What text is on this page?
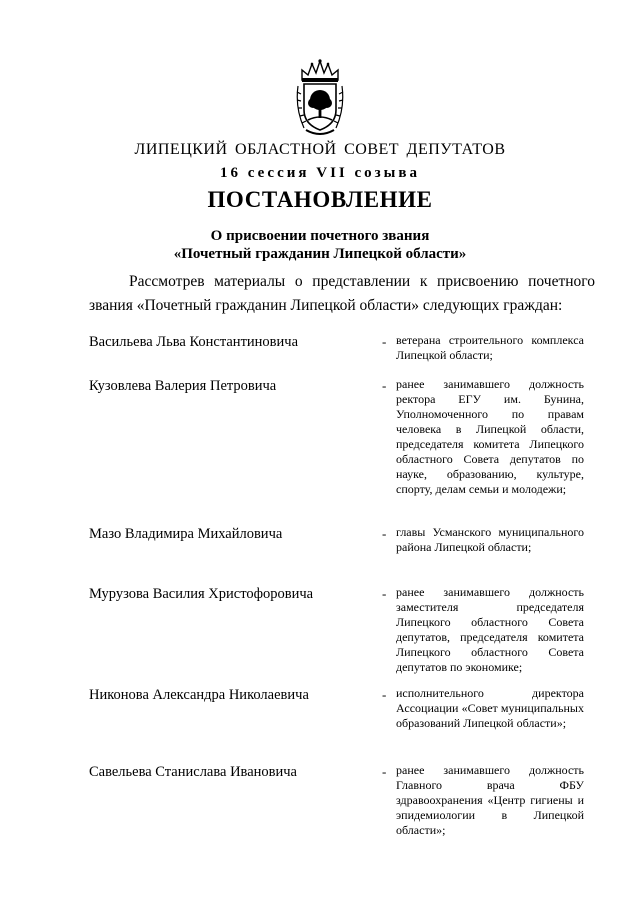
ЛИПЕЦКИЙ ОБЛАСТНОЙ СОВЕТ ДЕПУТАТОВ
16 сессия VII созыва
ПОСТАНОВЛЕНИЕ
О присвоении почетного звания
«Почетный гражданин Липецкой области»
Рассмотрев материалы о представлении к присвоению почетного
звания «Почетный гражданин Липецкой области» следующих граждан:
Васильева Льва Константиновича	- ветерана строительного комплекса Липецкой области;
Кузовлева Валерия Петровича	- ранее занимавшего должность ректора ЕГУ им. Бунина, Уполномоченного по правам человека в Липецкой области, председателя комитета Липецкого областного Совета депутатов по науке, образованию, культуре, спорту, делам семьи и молодежи;
Мазо Владимира Михайловича	- главы Усманского муниципального района Липецкой области;
Мурузова Василия Христофоровича	- ранее занимавшего должность заместителя председателя Липецкого областного Совета депутатов, председателя комитета Липецкого областного Совета депутатов по экономике;
Никонова Александра Николаевича	- исполнительного директора Ассоциации «Совет муниципальных образований Липецкой области»;
Савельева Станислава Ивановича	- ранее занимавшего должность Главного врача ФБУ здравоохранения «Центр гигиены и эпидемиологии в Липецкой области»;
